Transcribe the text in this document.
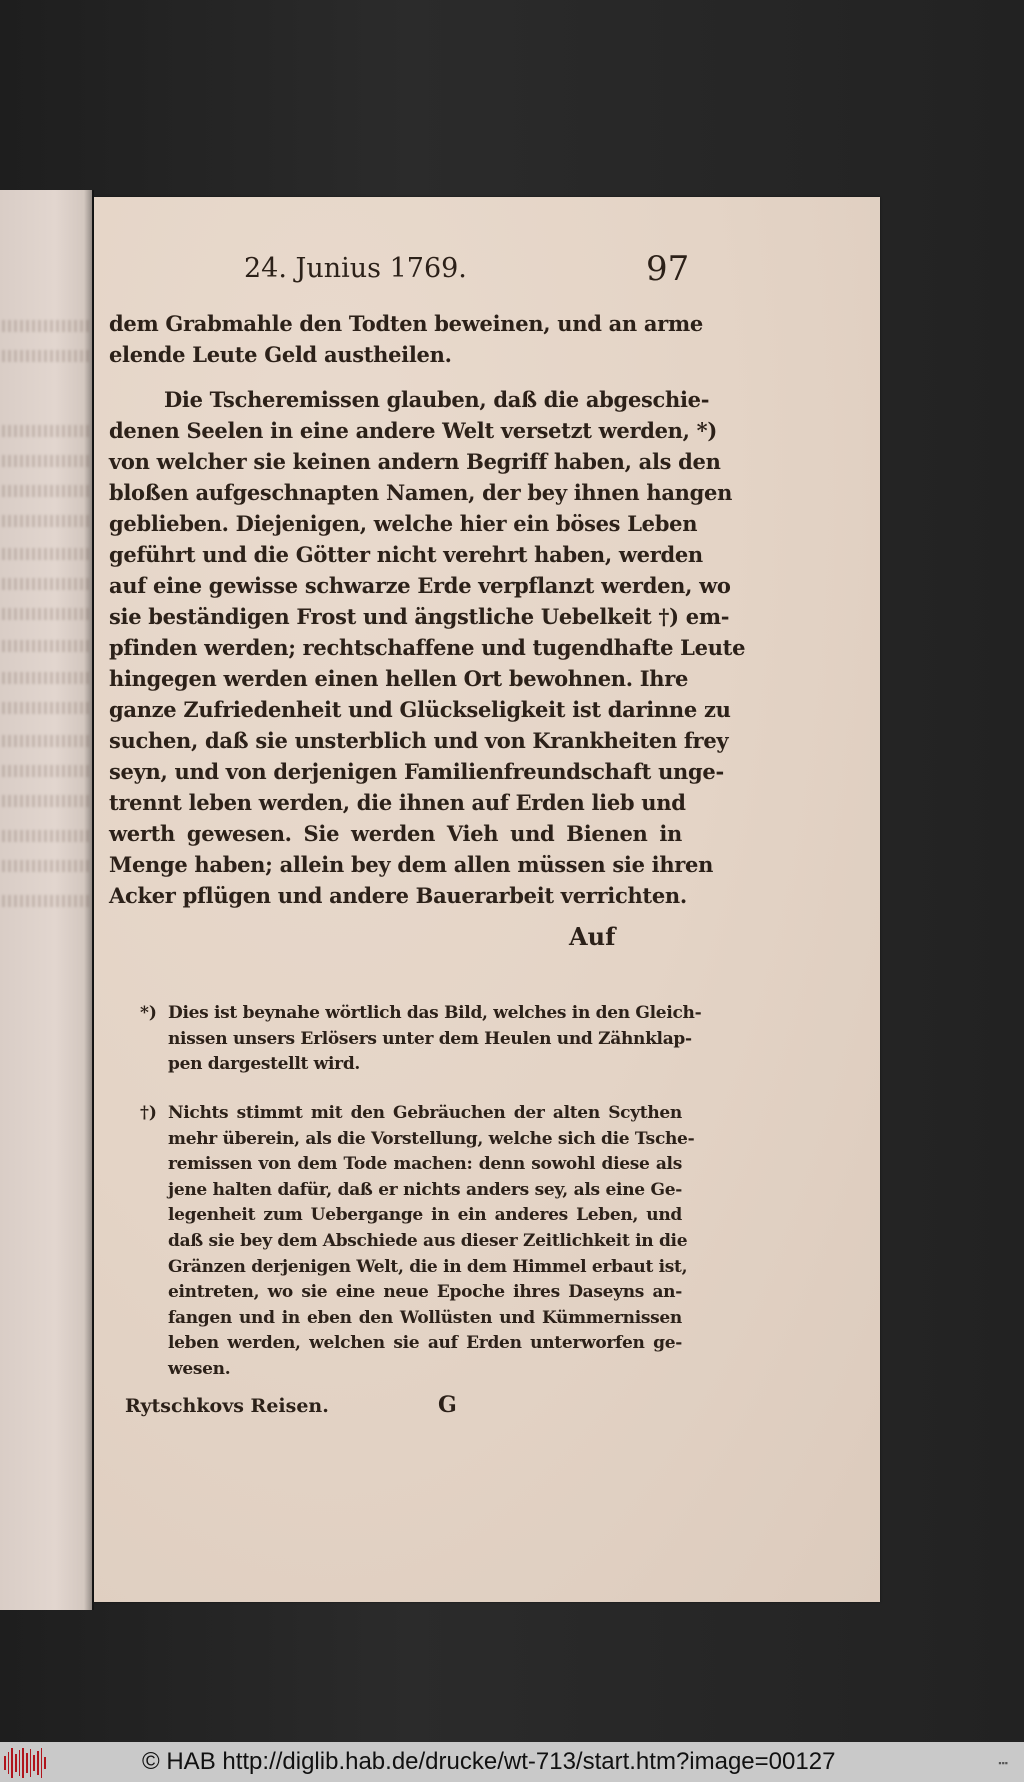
24. Junius 1769.	97
dem Grabmahle den Todten beweinen, und an arme
elende Leute Geld austheilen.
Die Tscheremissen glauben, daß die abgeschie-
denen Seelen in eine andere Welt versetzt werden, *)
von welcher sie keinen andern Begriff haben, als den
bloßen aufgeschnapten Namen, der bey ihnen hangen
geblieben. Diejenigen, welche hier ein böses Leben
geführt und die Götter nicht verehrt haben, werden
auf eine gewisse schwarze Erde verpflanzt werden, wo
sie beständigen Frost und ängstliche Uebelkeit †) em-
pfinden werden; rechtschaffene und tugendhafte Leute
hingegen werden einen hellen Ort bewohnen. Ihre
ganze Zufriedenheit und Glückseligkeit ist darinne zu
suchen, daß sie unsterblich und von Krankheiten frey
seyn, und von derjenigen Familienfreundschaft unge-
trennt leben werden, die ihnen auf Erden lieb und
werth gewesen. Sie werden Vieh und Bienen in
Menge haben; allein bey dem allen müssen sie ihren
Acker pflügen und andere Bauerarbeit verrichten.
Auf
*) Dies ist beynahe wörtlich das Bild, welches in den Gleich-
nissen unsers Erlösers unter dem Heulen und Zähnklap-
pen dargestellt wird.
†) Nichts stimmt mit den Gebräuchen der alten Scythen
mehr überein, als die Vorstellung, welche sich die Tsche-
remissen von dem Tode machen: denn sowohl diese als
jene halten dafür, daß er nichts anders sey, als eine Ge-
legenheit zum Uebergange in ein anderes Leben, und
daß sie bey dem Abschiede aus dieser Zeitlichkeit in die
Gränzen derjenigen Welt, die in dem Himmel erbaut ist,
eintreten, wo sie eine neue Epoche ihres Daseyns an-
fangen und in eben den Wollüsten und Kümmernissen
leben werden, welchen sie auf Erden unterworfen ge-
wesen.
Rytschkovs Reisen.	G
© HAB http://diglib.hab.de/drucke/wt-713/start.htm?image=00127	▪▪▪
